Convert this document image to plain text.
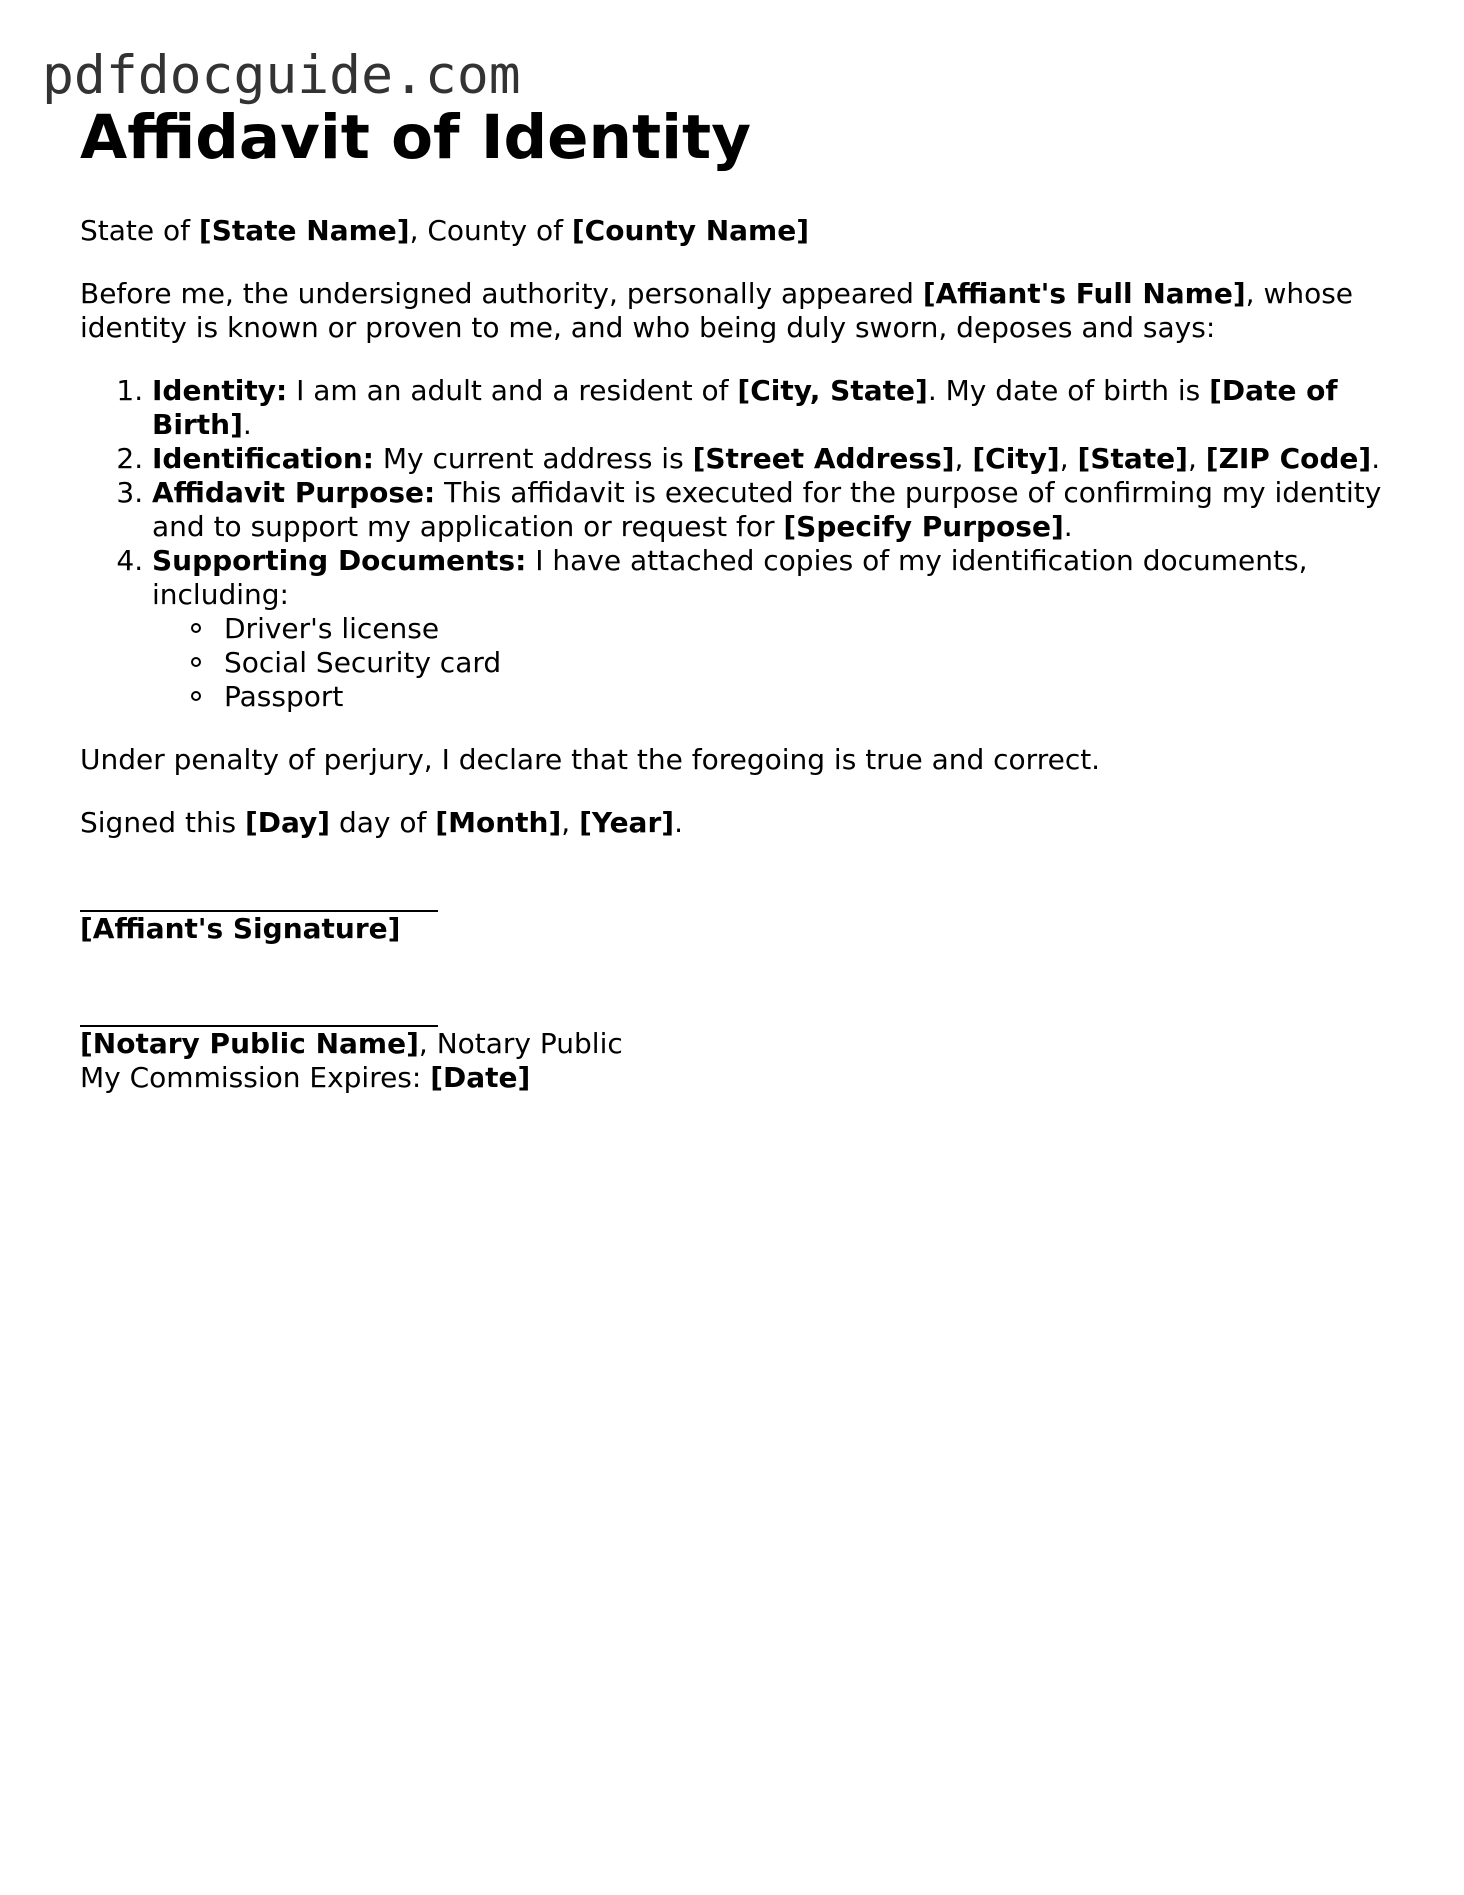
pdfdocguide.com
Affidavit of Identity

State of [State Name], County of [County Name]

Before me, the undersigned authority, personally appeared [Affiant's Full Name], whose identity is known or proven to me, and who being duly sworn, deposes and says:

1. Identity: I am an adult and a resident of [City, State]. My date of birth is [Date of Birth].
2. Identification: My current address is [Street Address], [City], [State], [ZIP Code].
3. Affidavit Purpose: This affidavit is executed for the purpose of confirming my identity and to support my application or request for [Specify Purpose].
4. Supporting Documents: I have attached copies of my identification documents, including:
Driver's license
Social Security card
Passport

Under penalty of perjury, I declare that the foregoing is true and correct.

Signed this [Day] day of [Month], [Year].

[Affiant's Signature]
[Notary Public Name], Notary Public
My Commission Expires: [Date]
